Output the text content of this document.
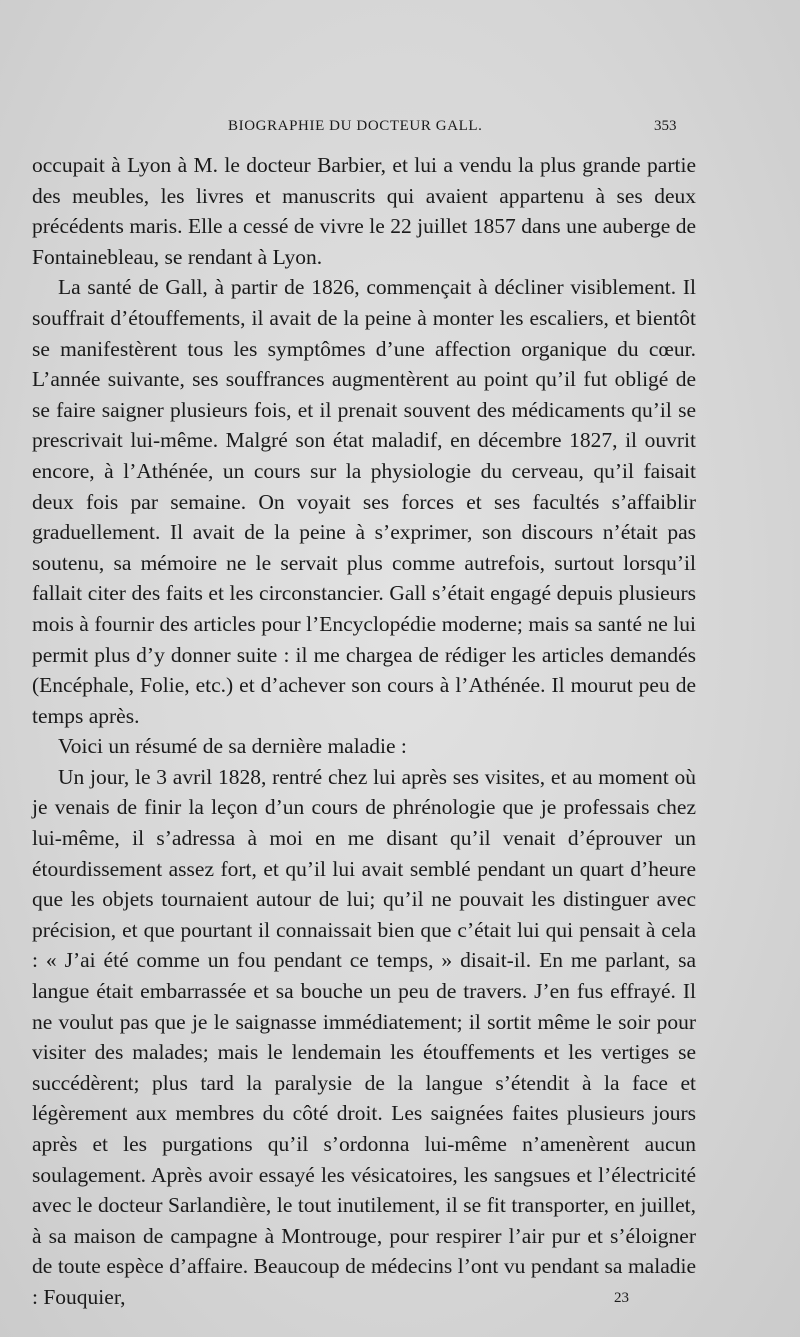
BIOGRAPHIE DU DOCTEUR GALL.	353

occupait à Lyon à M. le docteur Barbier, et lui a vendu la plus grande partie des meubles, les livres et manuscrits qui avaient appartenu à ses deux précédents maris. Elle a cessé de vivre le 22 juillet 1857 dans une auberge de Fontainebleau, se rendant à Lyon.

La santé de Gall, à partir de 1826, commençait à décliner visiblement. Il souffrait d’étouffements, il avait de la peine à monter les escaliers, et bientôt se manifestèrent tous les symptômes d’une affection organique du cœur. L’année suivante, ses souffrances augmentèrent au point qu’il fut obligé de se faire saigner plusieurs fois, et il prenait souvent des médicaments qu’il se prescrivait lui-même. Malgré son état maladif, en décembre 1827, il ouvrit encore, à l’Athénée, un cours sur la physiologie du cerveau, qu’il faisait deux fois par semaine. On voyait ses forces et ses facultés s’affaiblir graduellement. Il avait de la peine à s’exprimer, son discours n’était pas soutenu, sa mémoire ne le servait plus comme autrefois, surtout lorsqu’il fallait citer des faits et les circonstancier. Gall s’était engagé depuis plusieurs mois à fournir des articles pour l’Encyclopédie moderne; mais sa santé ne lui permit plus d’y donner suite : il me chargea de rédiger les articles demandés (Encéphale, Folie, etc.) et d’achever son cours à l’Athénée. Il mourut peu de temps après.

Voici un résumé de sa dernière maladie :

Un jour, le 3 avril 1828, rentré chez lui après ses visites, et au moment où je venais de finir la leçon d’un cours de phrénologie que je professais chez lui-même, il s’adressa à moi en me disant qu’il venait d’éprouver un étourdissement assez fort, et qu’il lui avait semblé pendant un quart d’heure que les objets tournaient autour de lui; qu’il ne pouvait les distinguer avec précision, et que pourtant il connaissait bien que c’était lui qui pensait à cela : « J’ai été comme un fou pendant ce temps, » disait-il. En me parlant, sa langue était embarrassée et sa bouche un peu de travers. J’en fus effrayé. Il ne voulut pas que je le saignasse immédiatement; il sortit même le soir pour visiter des malades; mais le lendemain les étouffements et les vertiges se succédèrent; plus tard la paralysie de la langue s’étendit à la face et légèrement aux membres du côté droit. Les saignées faites plusieurs jours après et les purgations qu’il s’ordonna lui-même n’amenèrent aucun soulagement. Après avoir essayé les vésicatoires, les sangsues et l’électricité avec le docteur Sarlandière, le tout inutilement, il se fit transporter, en juillet, à sa maison de campagne à Montrouge, pour respirer l’air pur et s’éloigner de toute espèce d’affaire. Beaucoup de médecins l’ont vu pendant sa maladie : Fouquier,	23
